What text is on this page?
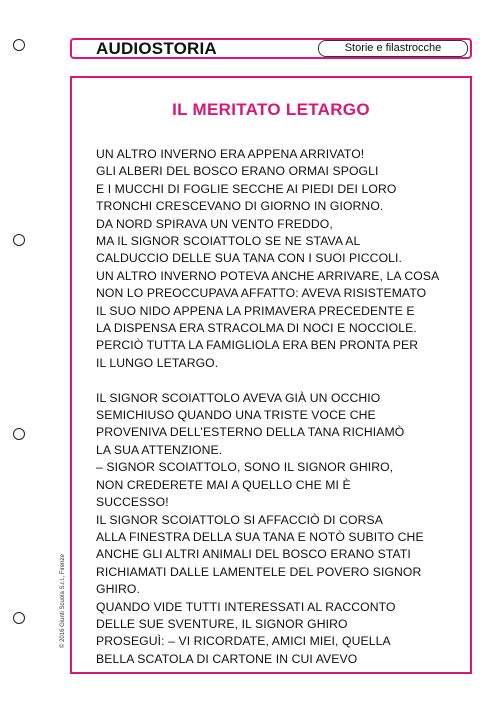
AUDIOSTORIA	Storie e filastrocche
IL MERITATO LETARGO
UN ALTRO INVERNO ERA APPENA ARRIVATO!
GLI ALBERI DEL BOSCO ERANO ORMAI SPOGLI
E I MUCCHI DI FOGLIE SECCHE AI PIEDI DEI LORO
TRONCHI CRESCEVANO DI GIORNO IN GIORNO.
DA NORD SPIRAVA UN VENTO FREDDO,
MA IL SIGNOR SCOIATTOLO SE NE STAVA AL
CALDUCCIO DELLE SUA TANA CON I SUOI PICCOLI.
UN ALTRO INVERNO POTEVA ANCHE ARRIVARE, LA COSA
NON LO PREOCCUPAVA AFFATTO: AVEVA RISISTEMATO
IL SUO NIDO APPENA LA PRIMAVERA PRECEDENTE E
LA DISPENSA ERA STRACOLMA DI NOCI E NOCCIOLE.
PERCIÒ TUTTA LA FAMIGLIOLA ERA BEN PRONTA PER
IL LUNGO LETARGO.
IL SIGNOR SCOIATTOLO AVEVA GIÀ UN OCCHIO
SEMICHIUSO QUANDO UNA TRISTE VOCE CHE
PROVENIVA DELL’ESTERNO DELLA TANA RICHIAMÒ
LA SUA ATTENZIONE.
– SIGNOR SCOIATTOLO, SONO IL SIGNOR GHIRO,
NON CREDERETE MAI A QUELLO CHE MI È
SUCCESSO!
IL SIGNOR SCOIATTOLO SI AFFACCIÒ DI CORSA
ALLA FINESTRA DELLA SUA TANA E NOTÒ SUBITO CHE
ANCHE GLI ALTRI ANIMALI DEL BOSCO ERANO STATI
RICHIAMATI DALLE LAMENTELE DEL POVERO SIGNOR
GHIRO.
QUANDO VIDE TUTTI INTERESSATI AL RACCONTO
DELLE SUE SVENTURE, IL SIGNOR GHIRO
PROSEGUÌ: – VI RICORDATE, AMICI MIEI, QUELLA
BELLA SCATOLA DI CARTONE IN CUI AVEVO
© 2016 Giunti Scuola S.r.l., Firenze
